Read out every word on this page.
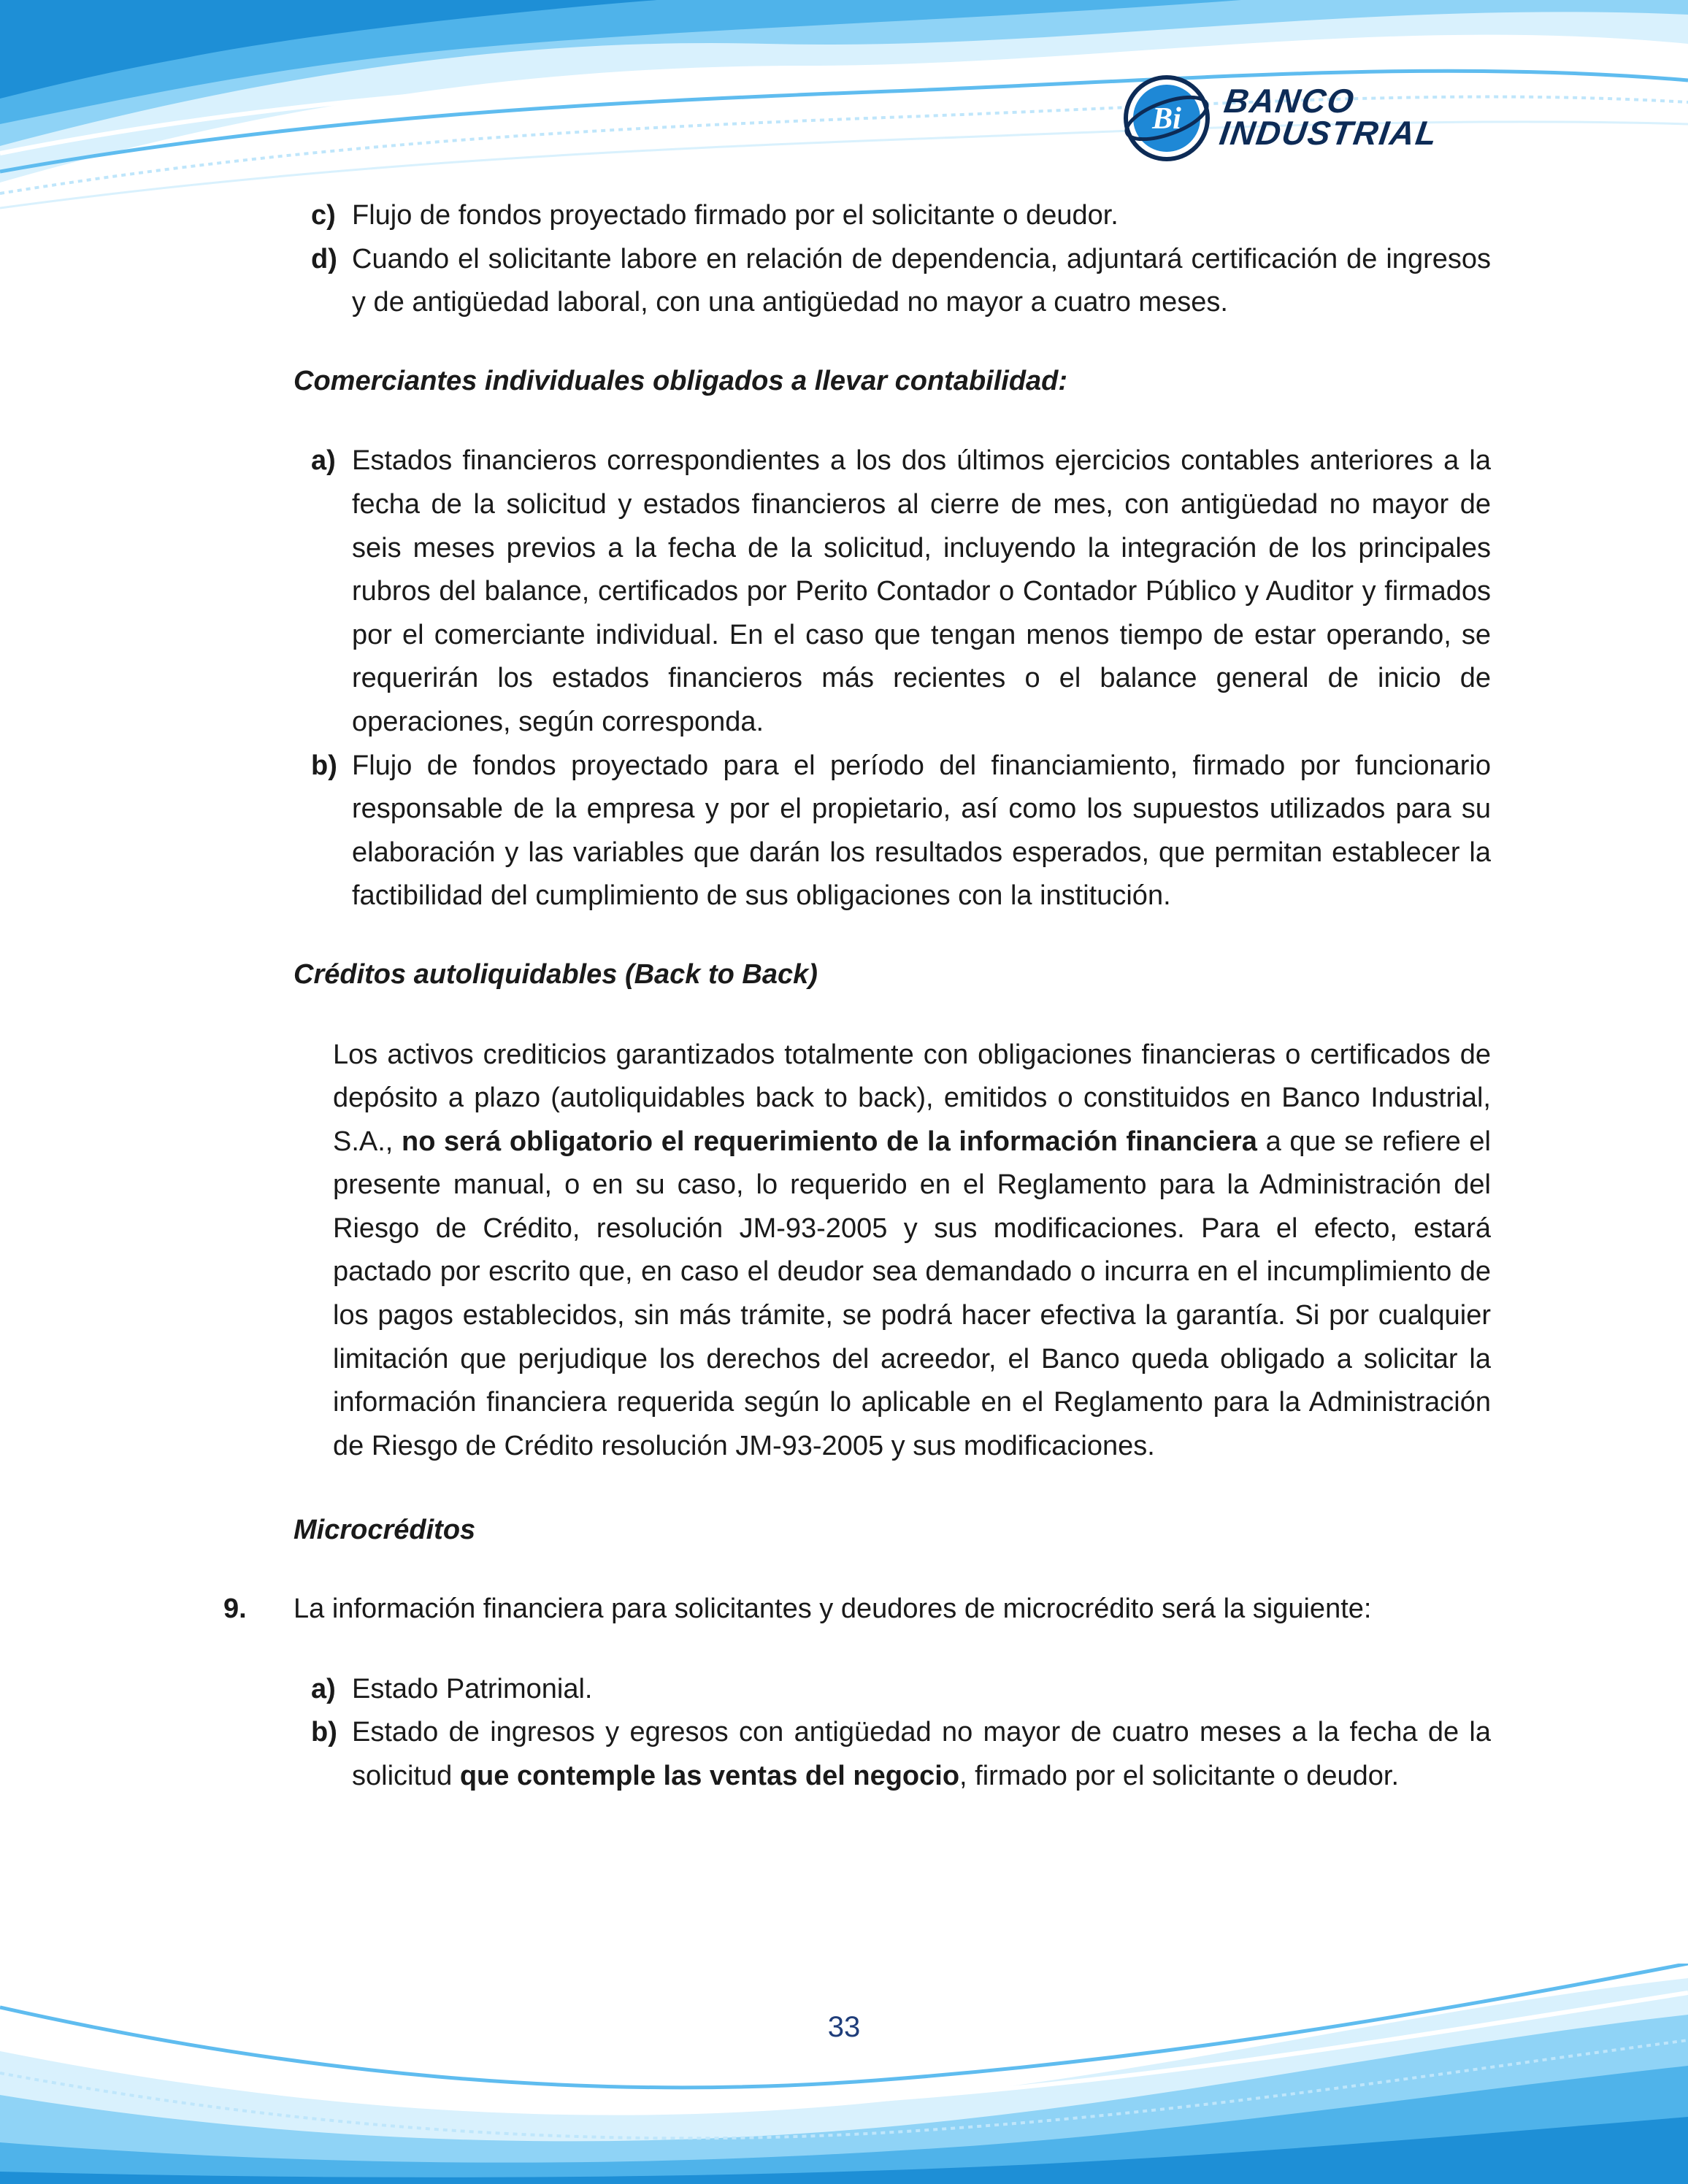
Bi BANCO
INDUSTRIAL
c) Flujo de fondos proyectado firmado por el solicitante o deudor.
d) Cuando el solicitante labore en relación de dependencia, adjuntará certificación de ingresos y de antigüedad laboral, con una antigüedad no mayor a cuatro meses.
Comerciantes individuales obligados a llevar contabilidad:
a) Estados financieros correspondientes a los dos últimos ejercicios contables anteriores a la fecha de la solicitud y estados financieros al cierre de mes, con antigüedad no mayor de seis meses previos a la fecha de la solicitud, incluyendo la integración de los principales rubros del balance, certificados por Perito Contador o Contador Público y Auditor y firmados por el comerciante individual. En el caso que tengan menos tiempo de estar operando, se requerirán los estados financieros más recientes o el balance general de inicio de operaciones, según corresponda.
b) Flujo de fondos proyectado para el período del financiamiento, firmado por funcionario responsable de la empresa y por el propietario, así como los supuestos utilizados para su elaboración y las variables que darán los resultados esperados, que permitan establecer la factibilidad del cumplimiento de sus obligaciones con la institución.
Créditos autoliquidables (Back to Back)
Los activos crediticios garantizados totalmente con obligaciones financieras o certificados de depósito a plazo (autoliquidables back to back), emitidos o constituidos en Banco Industrial, S.A., no será obligatorio el requerimiento de la información financiera a que se refiere el presente manual, o en su caso, lo requerido en el Reglamento para la Administración del Riesgo de Crédito, resolución JM-93-2005 y sus modificaciones. Para el efecto, estará pactado por escrito que, en caso el deudor sea demandado o incurra en el incumplimiento de los pagos establecidos, sin más trámite, se podrá hacer efectiva la garantía. Si por cualquier limitación que perjudique los derechos del acreedor, el Banco queda obligado a solicitar la información financiera requerida según lo aplicable en el Reglamento para la Administración de Riesgo de Crédito resolución JM-93-2005 y sus modificaciones.
Microcréditos
9. La información financiera para solicitantes y deudores de microcrédito será la siguiente:
a) Estado Patrimonial.
b) Estado de ingresos y egresos con antigüedad no mayor de cuatro meses a la fecha de la solicitud que contemple las ventas del negocio, firmado por el solicitante o deudor.
33
